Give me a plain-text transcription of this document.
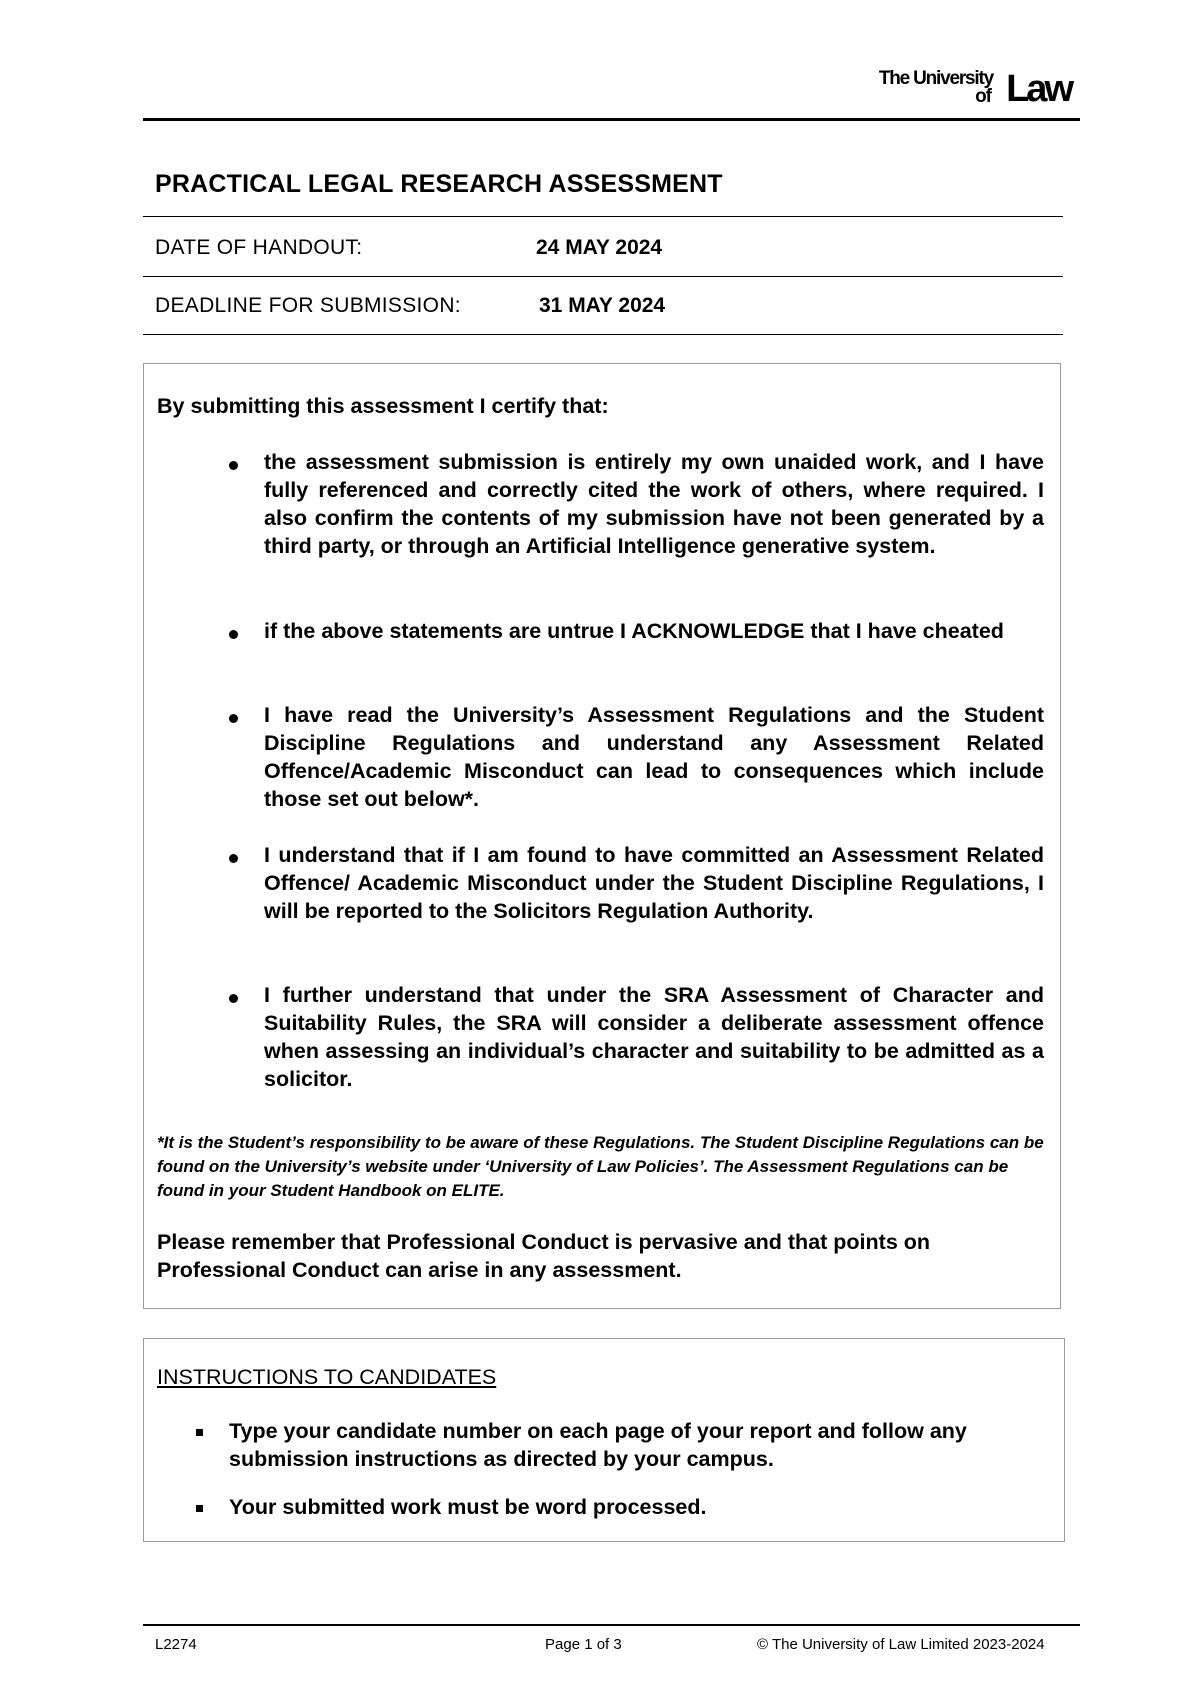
The University
of Law
PRACTICAL LEGAL RESEARCH ASSESSMENT
DATE OF HANDOUT:	24 MAY 2024
DEADLINE FOR SUBMISSION:	31 MAY 2024
By submitting this assessment I certify that:
the assessment submission is entirely my own unaided work, and I have fully referenced and correctly cited the work of others, where required. I also confirm the contents of my submission have not been generated by a third party, or through an Artificial Intelligence generative system.
if the above statements are untrue I ACKNOWLEDGE that I have cheated
I have read the University’s Assessment Regulations and the Student Discipline Regulations and understand any Assessment Related Offence/Academic Misconduct can lead to consequences which include those set out below*.
I understand that if I am found to have committed an Assessment Related Offence/ Academic Misconduct under the Student Discipline Regulations, I will be reported to the Solicitors Regulation Authority.
I further understand that under the SRA Assessment of Character and Suitability Rules, the SRA will consider a deliberate assessment offence when assessing an individual’s character and suitability to be admitted as a solicitor.
*It is the Student’s responsibility to be aware of these Regulations. The Student Discipline Regulations can be found on the University’s website under ‘University of Law Policies’. The Assessment Regulations can be found in your Student Handbook on ELITE.
Please remember that Professional Conduct is pervasive and that points on Professional Conduct can arise in any assessment.
INSTRUCTIONS TO CANDIDATES
Type your candidate number on each page of your report and follow any submission instructions as directed by your campus.
Your submitted work must be word processed.
L2274	Page 1 of 3	© The University of Law Limited 2023-2024
